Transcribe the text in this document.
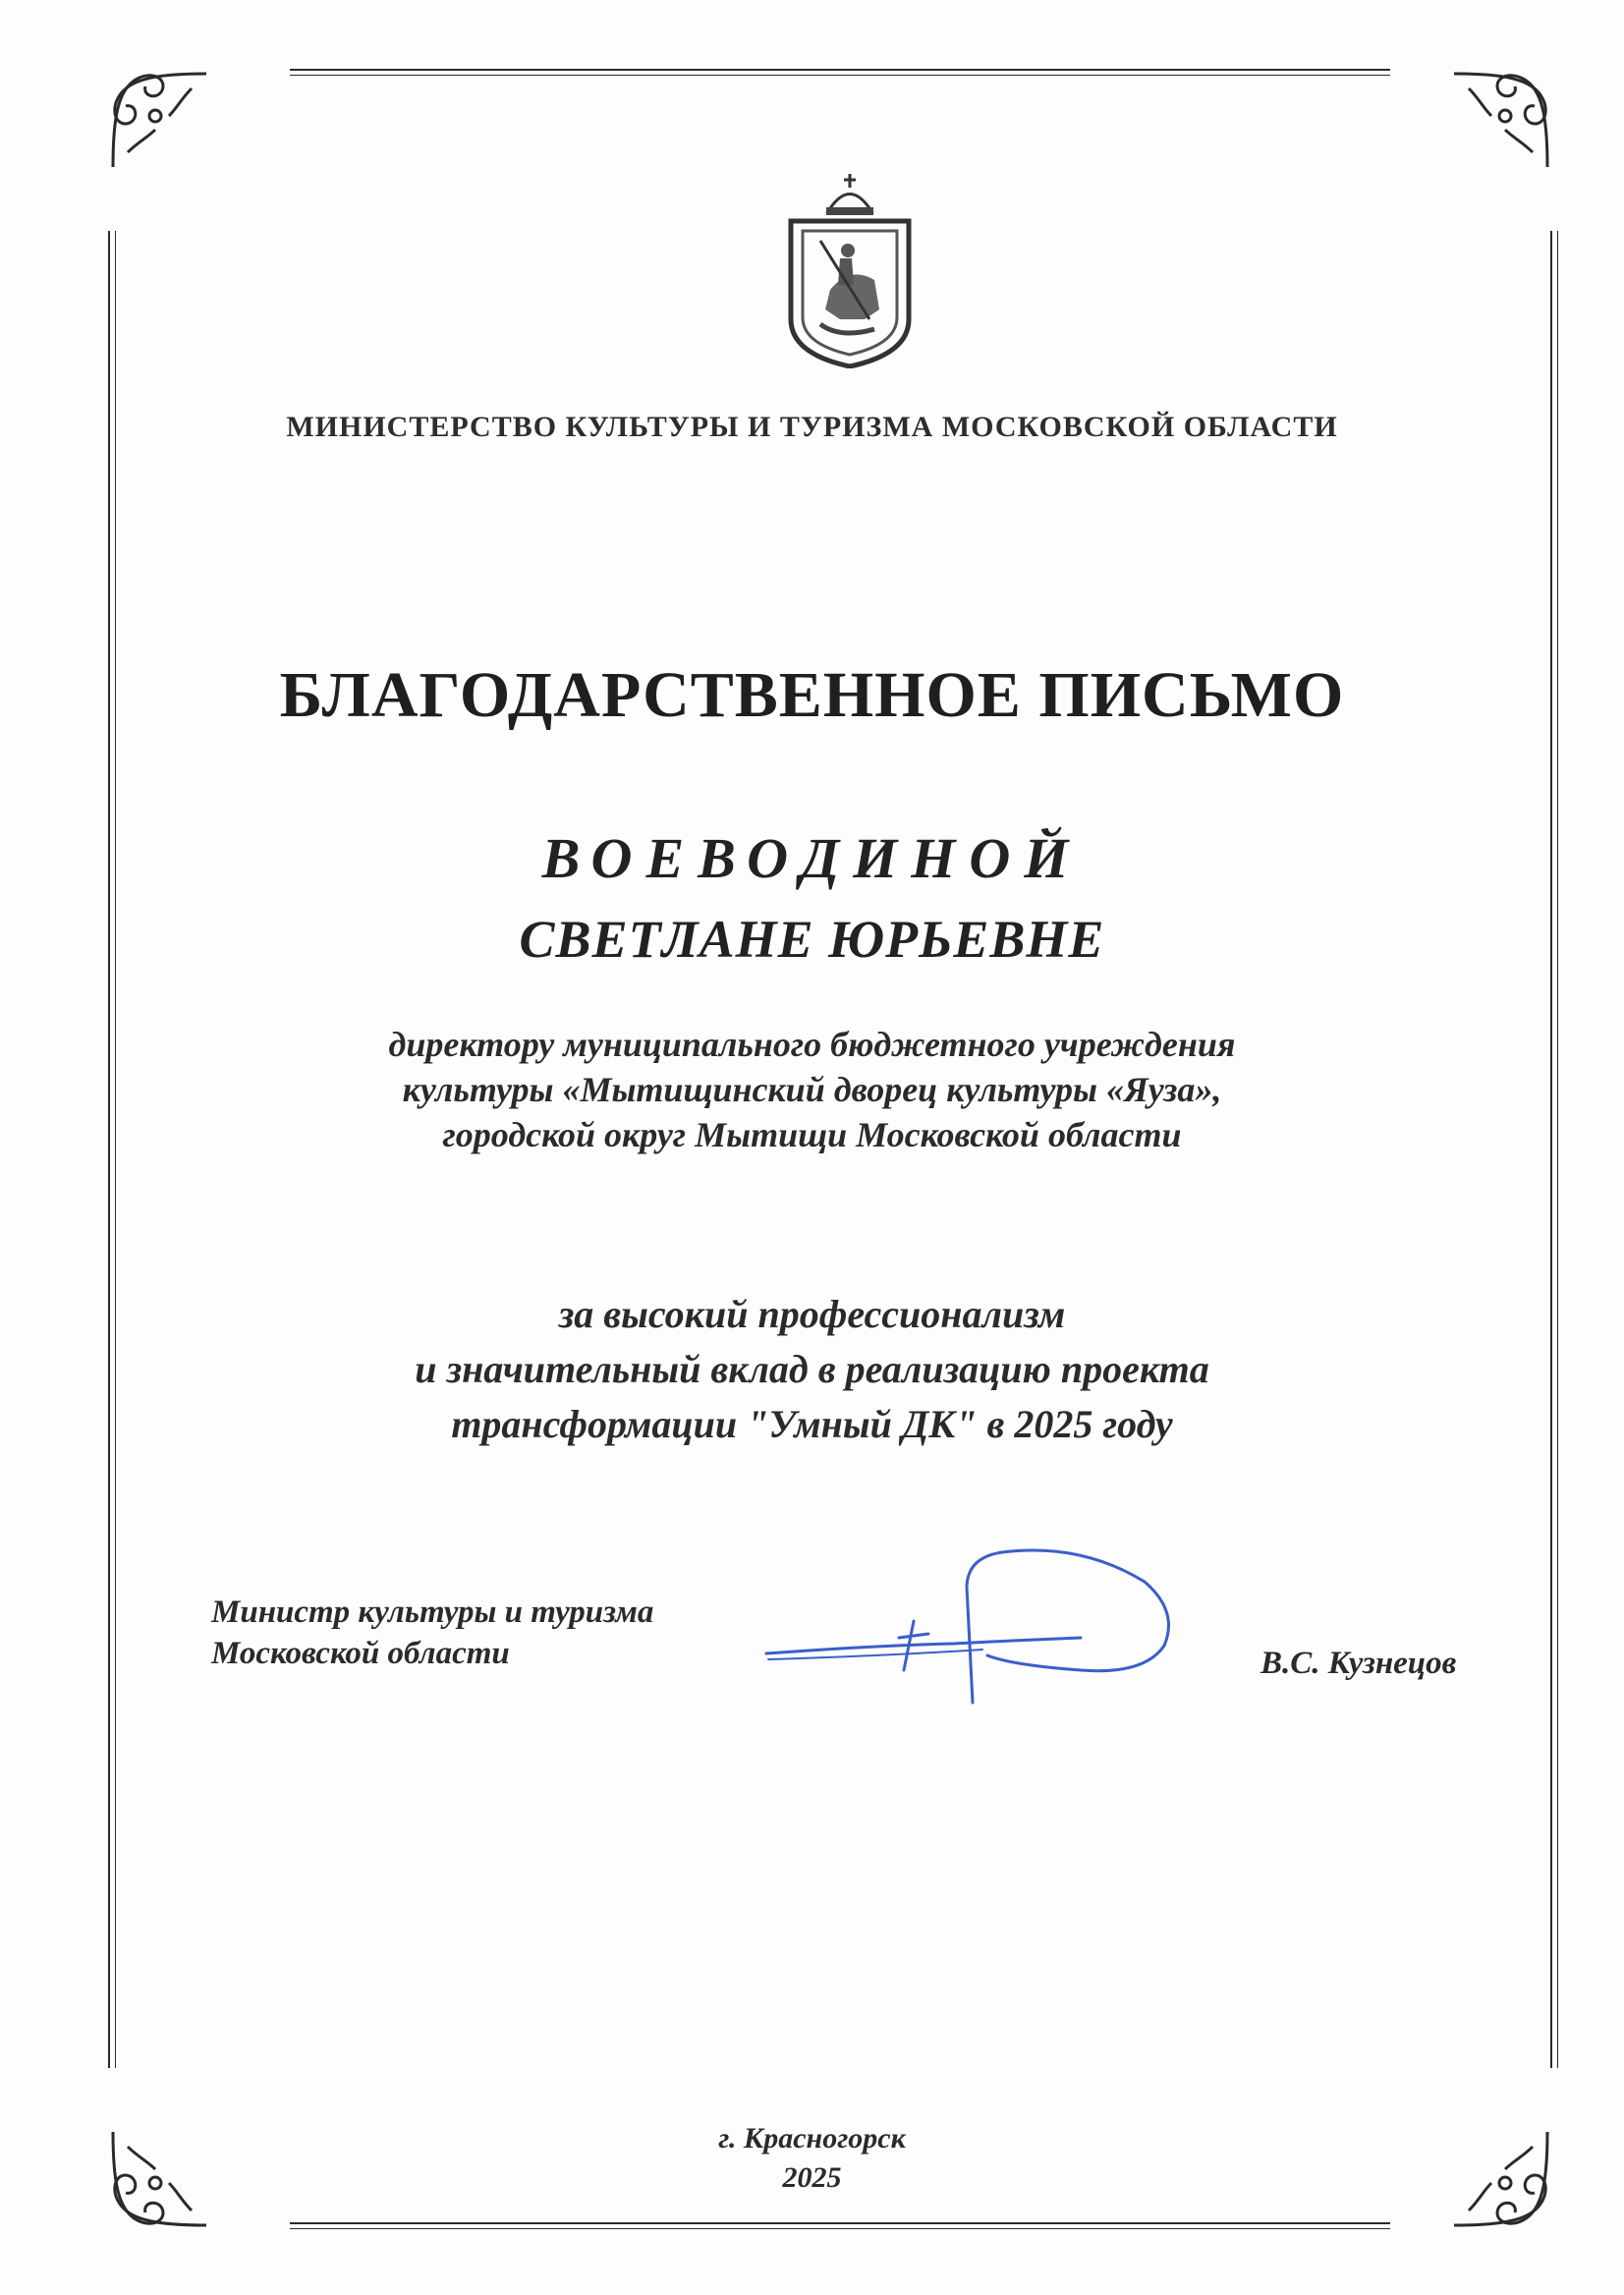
МИНИСТЕРСТВО КУЛЬТУРЫ И ТУРИЗМА МОСКОВСКОЙ ОБЛАСТИ
БЛАГОДАРСТВЕННОЕ ПИСЬМО
ВОЕВОДИНОЙ
СВЕТЛАНЕ ЮРЬЕВНЕ
директору муниципального бюджетного учреждения
культуры «Мытищинский дворец культуры «Яуза»,
городской округ Мытищи Московской области
за высокий профессионализм
и значительный вклад в реализацию проекта
трансформации "Умный ДК" в 2025 году
Министр культуры и туризма
Московской области	В.С. Кузнецов
г. Красногорск
2025
